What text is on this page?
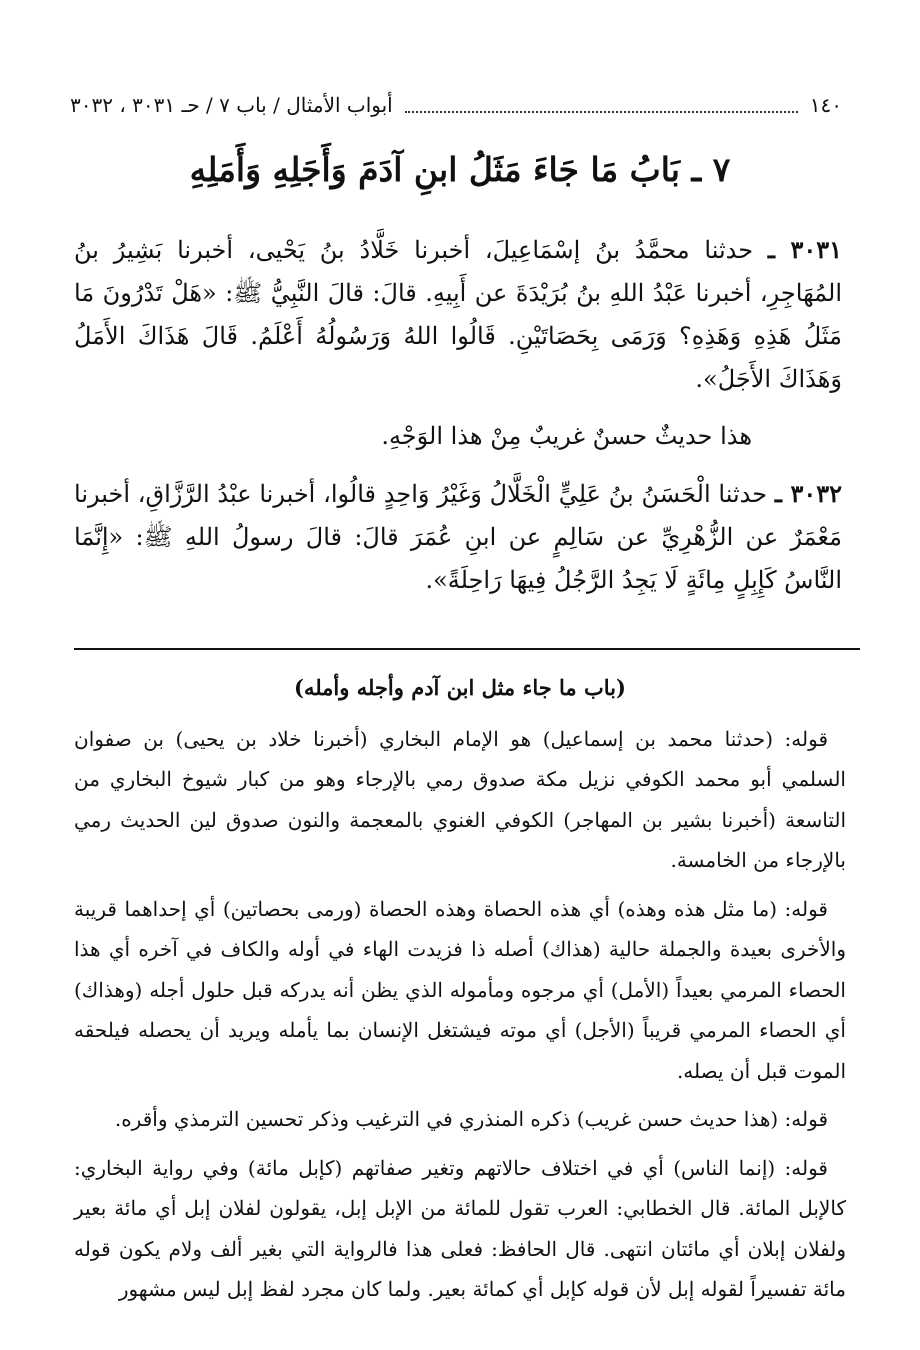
١٤٠
أبواب الأمثال / باب ٧ / حـ ٣٠٣١ ، ٣٠٣٢
٧ ـ بَابُ مَا جَاءَ مَثَلُ ابنِ آدَمَ وَأَجَلِهِ وَأَمَلِهِ

٣٠٣١ ـ حدثنا محمَّدُ بنُ إسْمَاعِيلَ، أخبرنا خَلَّادُ بنُ يَحْيى، أخبرنا بَشِيرُ بنُ المُهَاجِرِ، أخبرنا عَبْدُ اللهِ بنُ بُرَيْدَةَ عن أَبِيهِ. قالَ: قالَ النَّبِيُّ ﷺ: «هَلْ تَدْرُونَ مَا مَثَلُ هَذِهِ وَهَذِهِ؟ وَرَمَى بِحَصَاتَيْنِ. قَالُوا اللهُ وَرَسُولُهُ أَعْلَمُ. قَالَ هَذَاكَ الأَمَلُ وَهَذَاكَ الأَجَلُ».

هذا حديثٌ حسنٌ غريبٌ مِنْ هذا الوَجْهِ.

٣٠٣٢ ـ حدثنا الْحَسَنُ بنُ عَلِيٍّ الْخَلَّالُ وَغَيْرُ وَاحِدٍ قالُوا، أخبرنا عبْدُ الرَّزَّاقِ، أخبرنا مَعْمَرٌ عن الزُّهْرِيِّ عن سَالِمٍ عن ابنِ عُمَرَ قالَ: قالَ رسولُ اللهِ ﷺ: «إِنَّمَا النَّاسُ كَإِبِلٍ مِائَةٍ لَا يَجِدُ الرَّجُلُ فِيهَا رَاحِلَةً».

(باب ما جاء مثل ابن آدم وأجله وأمله)

قوله: (حدثنا محمد بن إسماعيل) هو الإمام البخاري (أخبرنا خلاد بن يحيى) بن صفوان السلمي أبو محمد الكوفي نزيل مكة صدوق رمي بالإرجاء وهو من كبار شيوخ البخاري من التاسعة (أخبرنا بشير بن المهاجر) الكوفي الغنوي بالمعجمة والنون صدوق لين الحديث رمي بالإرجاء من الخامسة.

قوله: (ما مثل هذه وهذه) أي هذه الحصاة وهذه الحصاة (ورمى بحصاتين) أي إحداهما قريبة والأخرى بعيدة والجملة حالية (هذاك) أصله ذا فزيدت الهاء في أوله والكاف في آخره أي هذا الحصاء المرمي بعيداً (الأمل) أي مرجوه ومأموله الذي يظن أنه يدركه قبل حلول أجله (وهذاك) أي الحصاء المرمي قريباً (الأجل) أي موته فيشتغل الإنسان بما يأمله ويريد أن يحصله فيلحقه الموت قبل أن يصله.

قوله: (هذا حديث حسن غريب) ذكره المنذري في الترغيب وذكر تحسين الترمذي وأقره.

قوله: (إنما الناس) أي في اختلاف حالاتهم وتغير صفاتهم (كإبل مائة) وفي رواية البخاري: كالإبل المائة. قال الخطابي: العرب تقول للمائة من الإبل إبل، يقولون لفلان إبل أي مائة بعير ولفلان إبلان أي مائتان انتهى. قال الحافظ: فعلى هذا فالرواية التي بغير ألف ولام يكون قوله مائة تفسيراً لقوله إبل لأن قوله كإبل أي كمائة بعير. ولما كان مجرد لفظ إبل ليس مشهور
